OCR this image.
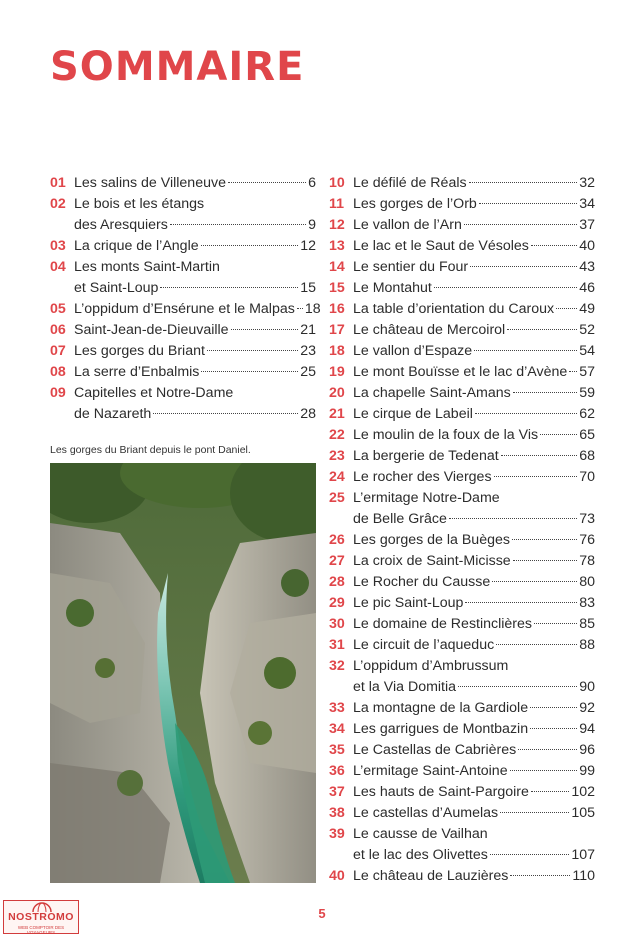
SOMMAIRE
01 Les salins de Villeneuve	6
02 Le bois et les étangs
des Aresquiers	9
03 La crique de l’Angle	12
04 Les monts Saint-Martin
et Saint-Loup	15
05 L’oppidum d’Ensérune et le Malpas 18
06 Saint-Jean-de-Dieuvaille	21
07 Les gorges du Briant	23
08 La serre d’Enbalmis	25
09 Capitelles et Notre-Dame
de Nazareth	28
10 Le défilé de Réals	32
11 Les gorges de l’Orb	34
12 Le vallon de l’Arn	37
13 Le lac et le Saut de Vésoles	40
14 Le sentier du Four	43
15 Le Montahut	46
16 La table d’orientation du Caroux 49
17 Le château de Mercoirol	52
18 Le vallon d’Espaze	54
19 Le mont Bouïsse et le lac d’Avène 57
20 La chapelle Saint-Amans	59
21 Le cirque de Labeil	62
22 Le moulin de la foux de la Vis	65
23 La bergerie de Tedenat	68
24 Le rocher des Vierges	70
25 L’ermitage Notre-Dame
de Belle Grâce	73
26 Les gorges de la Buèges	76
27 La croix de Saint-Micisse	78
28 Le Rocher du Causse	80
29 Le pic Saint-Loup	83
30 Le domaine de Restinclières	85
31 Le circuit de l’aqueduc	88
32 L’oppidum d’Ambrussum
et la Via Domitia	90
33 La montagne de la Gardiole	92
34 Les garrigues de Montbazin	94
35 Le Castellas de Cabrières	96
36 L’ermitage Saint-Antoine	99
37 Les hauts de Saint-Pargoire	102
38 Le castellas d’Aumelas	105
39 Le causse de Vailhan
et le lac des Olivettes	107
40 Le château de Lauzières	110
Les gorges du Briant depuis le pont Daniel.
NOSTROMO
WEB COMPTOIR DES VOYAGEURS
5
